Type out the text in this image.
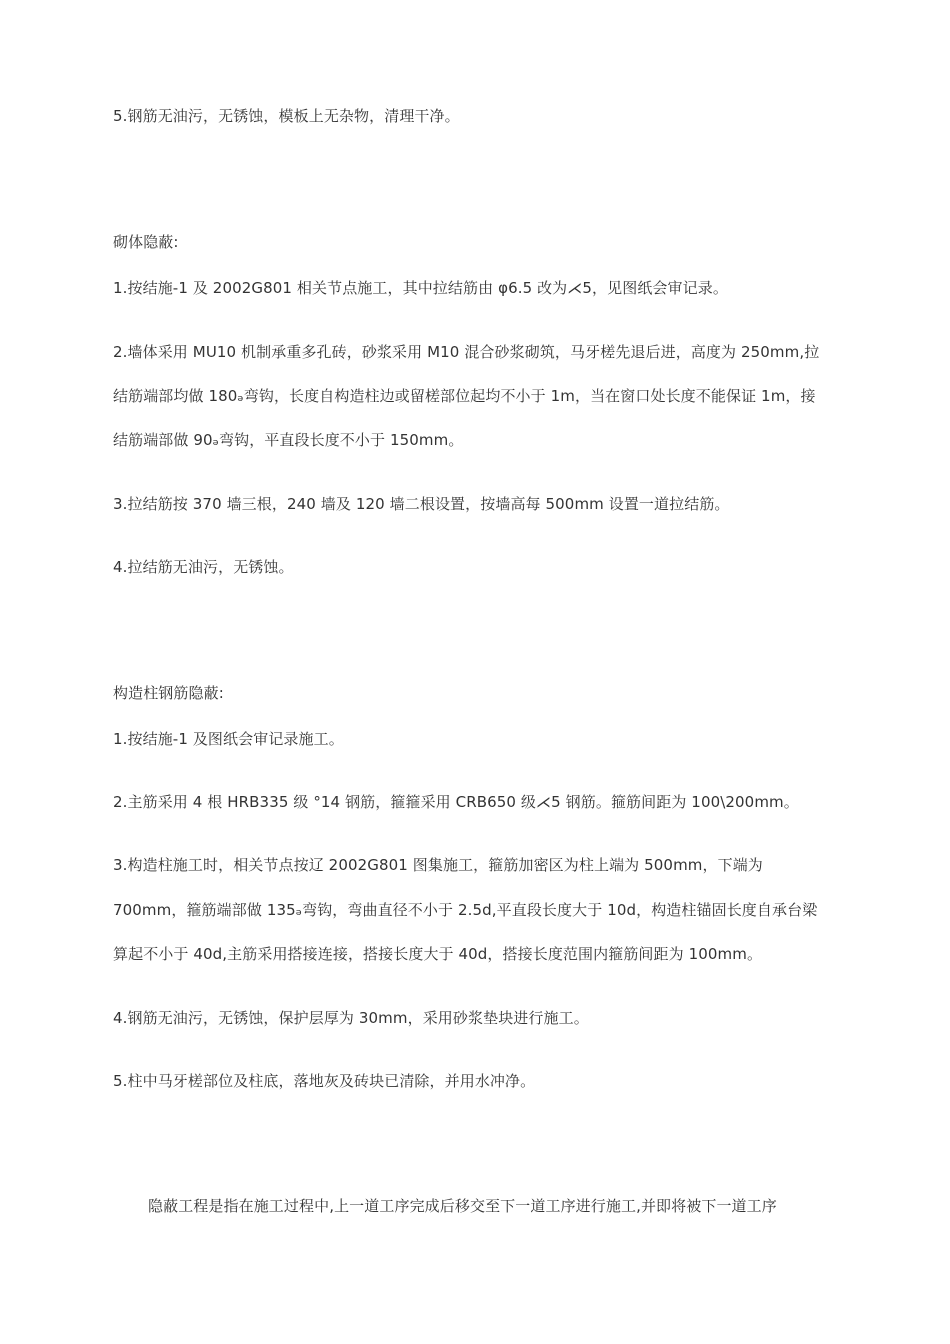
5.钢筋无油污，无锈蚀，模板上无杂物，清理干净。
砌体隐蔽:
1.按结施-1 及 2002G801 相关节点施工，其中拉结筋由 φ6.5 改为⋌5，见图纸会审记录。
2.墙体采用 MU10 机制承重多孔砖，砂浆采用 M10 混合砂浆砌筑，马牙槎先退后进，高度为 250mm,拉
结筋端部均做 180ₔ弯钩，长度自构造柱边或留槎部位起均不小于 1m，当在窗口处长度不能保证 1m，接
结筋端部做 90ₔ弯钩，平直段长度不小于 150mm。
3.拉结筋按 370 墙三根，240 墙及 120 墙二根设置，按墙高每 500mm 设置一道拉结筋。
4.拉结筋无油污，无锈蚀。
构造柱钢筋隐蔽:
1.按结施-1 及图纸会审记录施工。
2.主筋采用 4 根 HRB335 级 °14 钢筋，箍箍采用 CRB650 级⋌5 钢筋。箍筋间距为 100\200mm。
3.构造柱施工时，相关节点按辽 2002G801 图集施工，箍筋加密区为柱上端为 500mm，下端为
700mm，箍筋端部做 135ₔ弯钩，弯曲直径不小于 2.5d,平直段长度大于 10d，构造柱锚固长度自承台梁
算起不小于 40d,主筋采用搭接连接，搭接长度大于 40d，搭接长度范围内箍筋间距为 100mm。
4.钢筋无油污，无锈蚀，保护层厚为 30mm，采用砂浆垫块进行施工。
5.柱中马牙槎部位及柱底，落地灰及砖块已清除，并用水冲净。
隐蔽工程是指在施工过程中,上一道工序完成后移交至下一道工序进行施工,并即将被下一道工序
